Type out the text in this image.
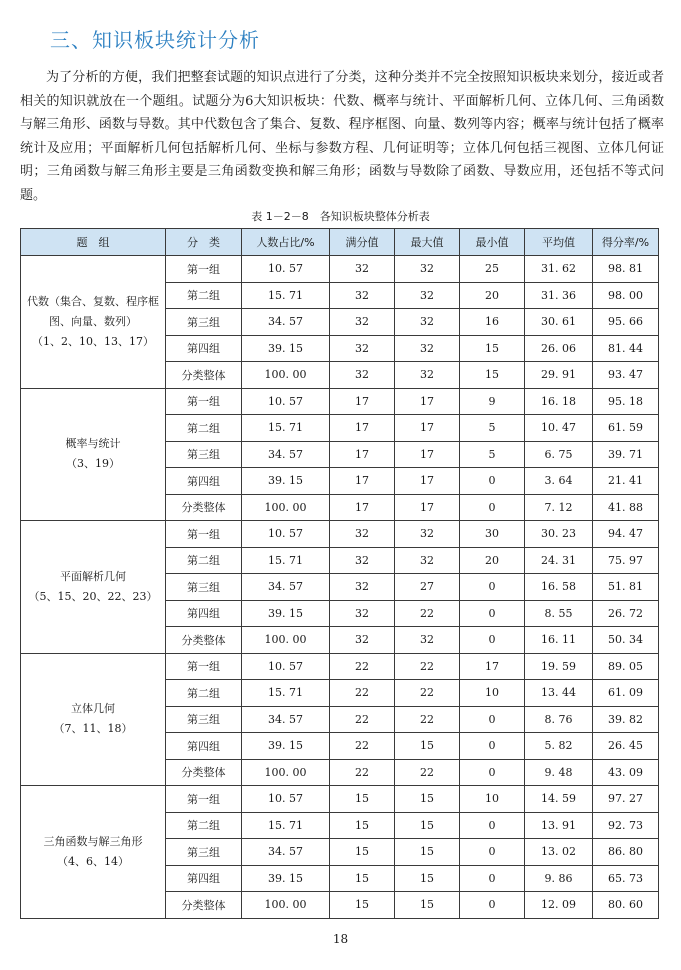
三、知识板块统计分析
为了分析的方便，我们把整套试题的知识点进行了分类，这种分类并不完全按照知识板块来划分，接近或者相关的知识就放在一个题组。试题分为6大知识板块：代数、概率与统计、平面解析几何、立体几何、三角函数与解三角形、函数与导数。其中代数包含了集合、复数、程序框图、向量、数列等内容；概率与统计包括了概率统计及应用；平面解析几何包括解析几何、坐标与参数方程、几何证明等；立体几何包括三视图、立体几何证明；三角函数与解三角形主要是三角函数变换和解三角形；函数与导数除了函数、导数应用，还包括不等式问题。
表 1－2－8　各知识板块整体分析表
题　组	分　类	人数占比/%	满分值	最大值	最小值	平均值	得分率/%

代数（集合、复数、程序框图、向量、数列）
（1、2、10、13、17）	第一组	10. 57	32	32	25	31. 62	98. 81
	第二组	15. 71	32	32	20	31. 36	98. 00
	第三组	34. 57	32	32	16	30. 61	95. 66
	第四组	39. 15	32	32	15	26. 06	81. 44
	分类整体	100. 00	32	32	15	29. 91	93. 47

概率与统计
（3、19）	第一组	10. 57	17	17	9	16. 18	95. 18
	第二组	15. 71	17	17	5	10. 47	61. 59
	第三组	34. 57	17	17	5	6. 75	39. 71
	第四组	39. 15	17	17	0	3. 64	21. 41
	分类整体	100. 00	17	17	0	7. 12	41. 88

平面解析几何
（5、15、20、22、23）	第一组	10. 57	32	32	30	30. 23	94. 47
	第二组	15. 71	32	32	20	24. 31	75. 97
	第三组	34. 57	32	27	0	16. 58	51. 81
	第四组	39. 15	32	22	0	8. 55	26. 72
	分类整体	100. 00	32	32	0	16. 11	50. 34

立体几何
（7、11、18）	第一组	10. 57	22	22	17	19. 59	89. 05
	第二组	15. 71	22	22	10	13. 44	61. 09
	第三组	34. 57	22	22	0	8. 76	39. 82
	第四组	39. 15	22	15	0	5. 82	26. 45
	分类整体	100. 00	22	22	0	9. 48	43. 09

三角函数与解三角形
（4、6、14）	第一组	10. 57	15	15	10	14. 59	97. 27
	第二组	15. 71	15	15	0	13. 91	92. 73
	第三组	34. 57	15	15	0	13. 02	86. 80
	第四组	39. 15	15	15	0	9. 86	65. 73
	分类整体	100. 00	15	15	0	12. 09	80. 60
18
